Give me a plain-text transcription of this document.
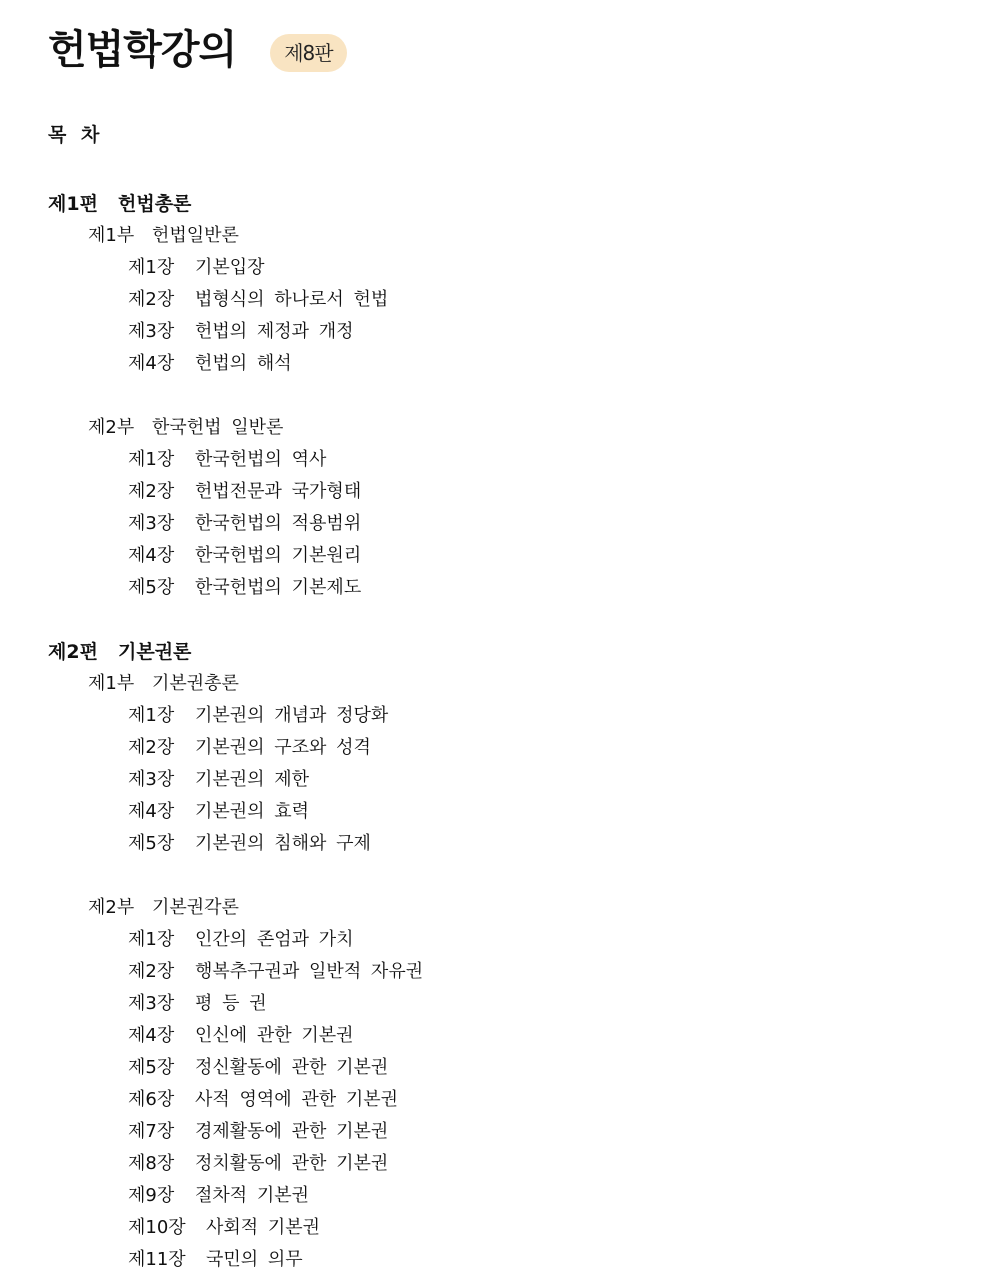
헌법학강의	제8판
목 차
제1편	헌법총론
제1부 헌법일반론
제1장	기본입장
제2장	법형식의 하나로서 헌법
제3장	헌법의 제정과 개정
제4장	헌법의 해석
제2부 한국헌법 일반론
제1장	한국헌법의 역사
제2장	헌법전문과 국가형태
제3장	한국헌법의 적용범위
제4장	한국헌법의 기본원리
제5장	한국헌법의 기본제도
제2편	기본권론
제1부 기본권총론
제1장	기본권의 개념과 정당화
제2장	기본권의 구조와 성격
제3장	기본권의 제한
제4장	기본권의 효력
제5장	기본권의 침해와 구제
제2부 기본권각론
제1장	인간의 존엄과 가치
제2장	행복추구권과 일반적 자유권
제3장	평 등 권
제4장	인신에 관한 기본권
제5장	정신활동에 관한 기본권
제6장	사적 영역에 관한 기본권
제7장	경제활동에 관한 기본권
제8장	정치활동에 관한 기본권
제9장	절차적 기본권
제10장	사회적 기본권
제11장	국민의 의무
